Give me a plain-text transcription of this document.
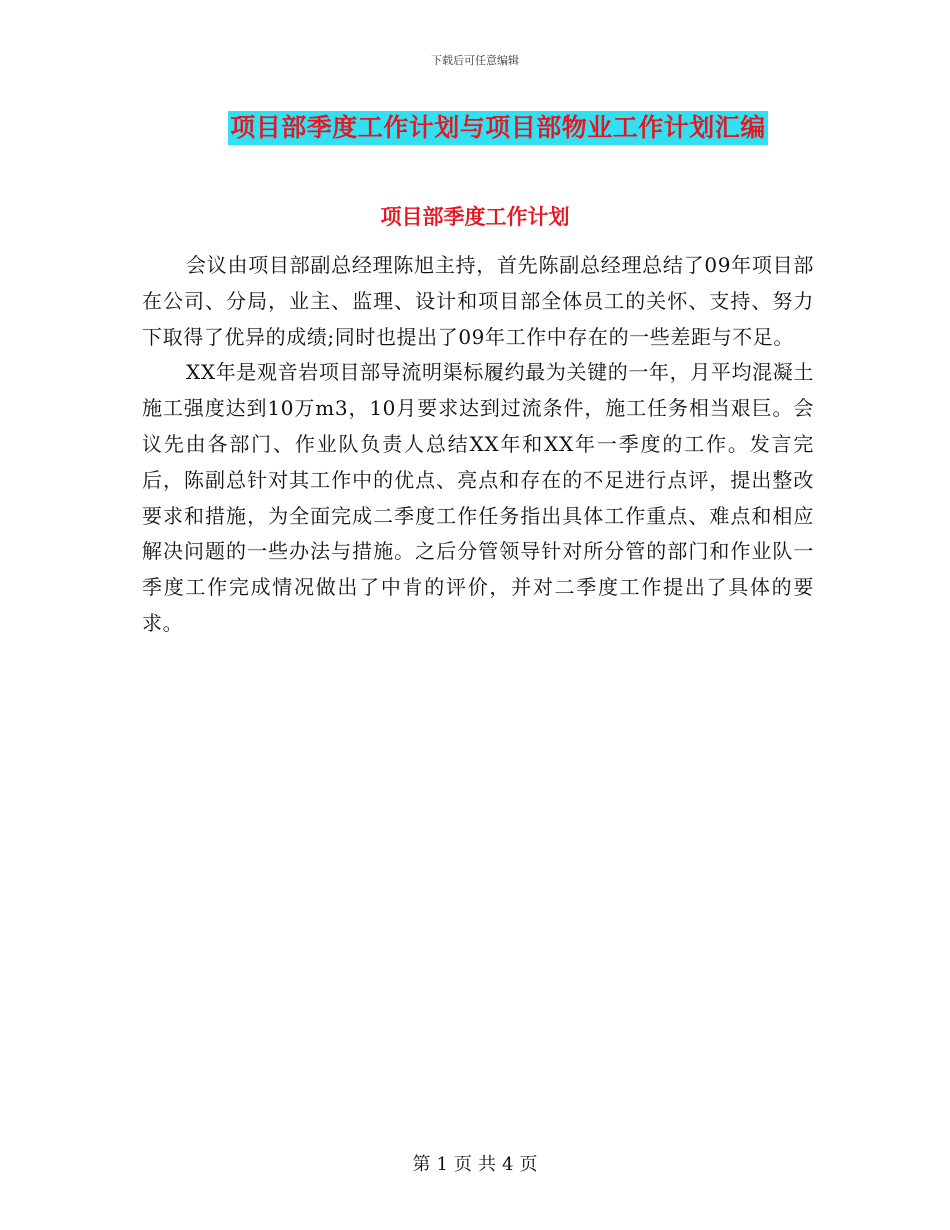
下载后可任意编辑
项目部季度工作计划与项目部物业工作计划汇编
项目部季度工作计划

会议由项目部副总经理陈旭主持，首先陈副总经理总结了09年项目部在公司、分局，业主、监理、设计和项目部全体员工的关怀、支持、努力下取得了优异的成绩;同时也提出了09年工作中存在的一些差距与不足。

XX年是观音岩项目部导流明渠标履约最为关键的一年，月平均混凝土施工强度达到10万m3，10月要求达到过流条件，施工任务相当艰巨。会议先由各部门、作业队负责人总结XX年和XX年一季度的工作。发言完后，陈副总针对其工作中的优点、亮点和存在的不足进行点评，提出整改要求和措施，为全面完成二季度工作任务指出具体工作重点、难点和相应解决问题的一些办法与措施。之后分管领导针对所分管的部门和作业队一季度工作完成情况做出了中肯的评价，并对二季度工作提出了具体的要求。

第 1 页 共 4 页
